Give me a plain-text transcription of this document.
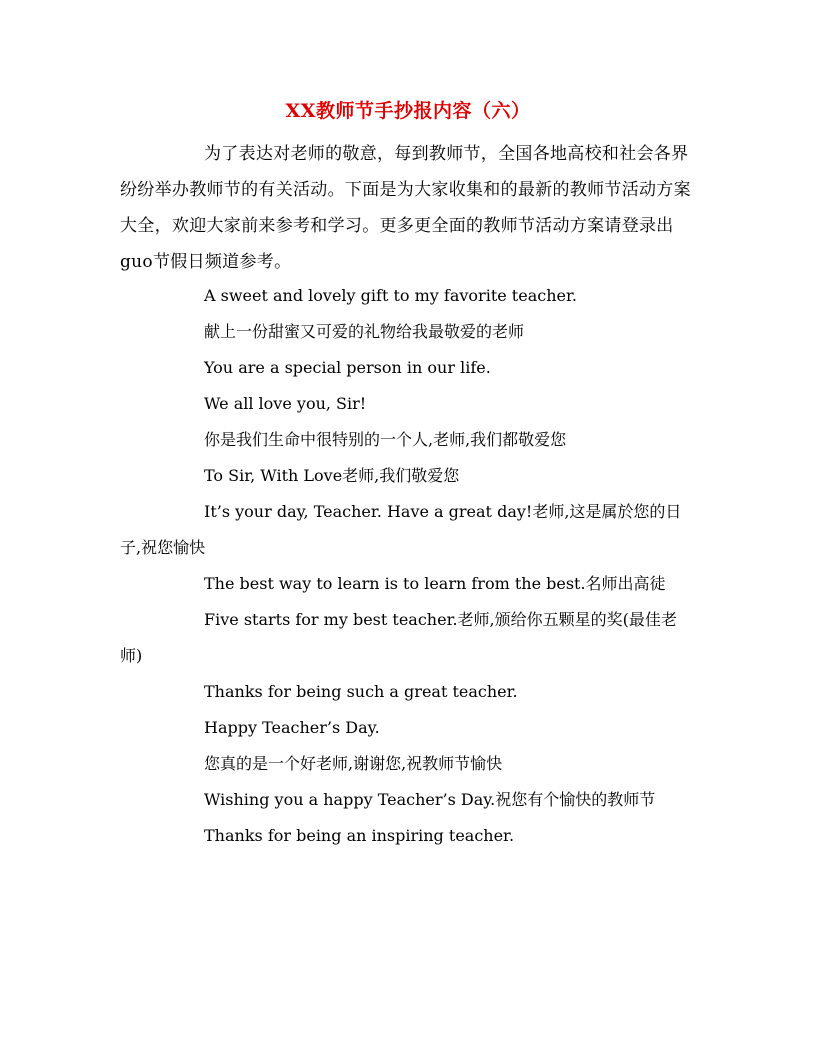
XX教师节手抄报内容（六）
为了表达对老师的敬意，每到教师节，全国各地高校和社会各界纷纷举办教师节的有关活动。下面是为大家收集和的最新的教师节活动方案大全，欢迎大家前来参考和学习。更多更全面的教师节活动方案请登录出guo节假日频道参考。
A sweet and lovely gift to my favorite teacher.
献上一份甜蜜又可爱的礼物给我最敬爱的老师
You are a special person in our life.
We all love you, Sir!
你是我们生命中很特别的一个人,老师,我们都敬爱您
To Sir, With Love老师,我们敬爱您
It’s your day, Teacher. Have a great day!老师,这是属於您的日子,祝您愉快
The best way to learn is to learn from the best.名师出高徒
Five starts for my best teacher.老师,颁给你五颗星的奖(最佳老师)
Thanks for being such a great teacher.
Happy Teacher’s Day.
您真的是一个好老师,谢谢您,祝教师节愉快
Wishing you a happy Teacher’s Day.祝您有个愉快的教师节
Thanks for being an inspiring teacher.
